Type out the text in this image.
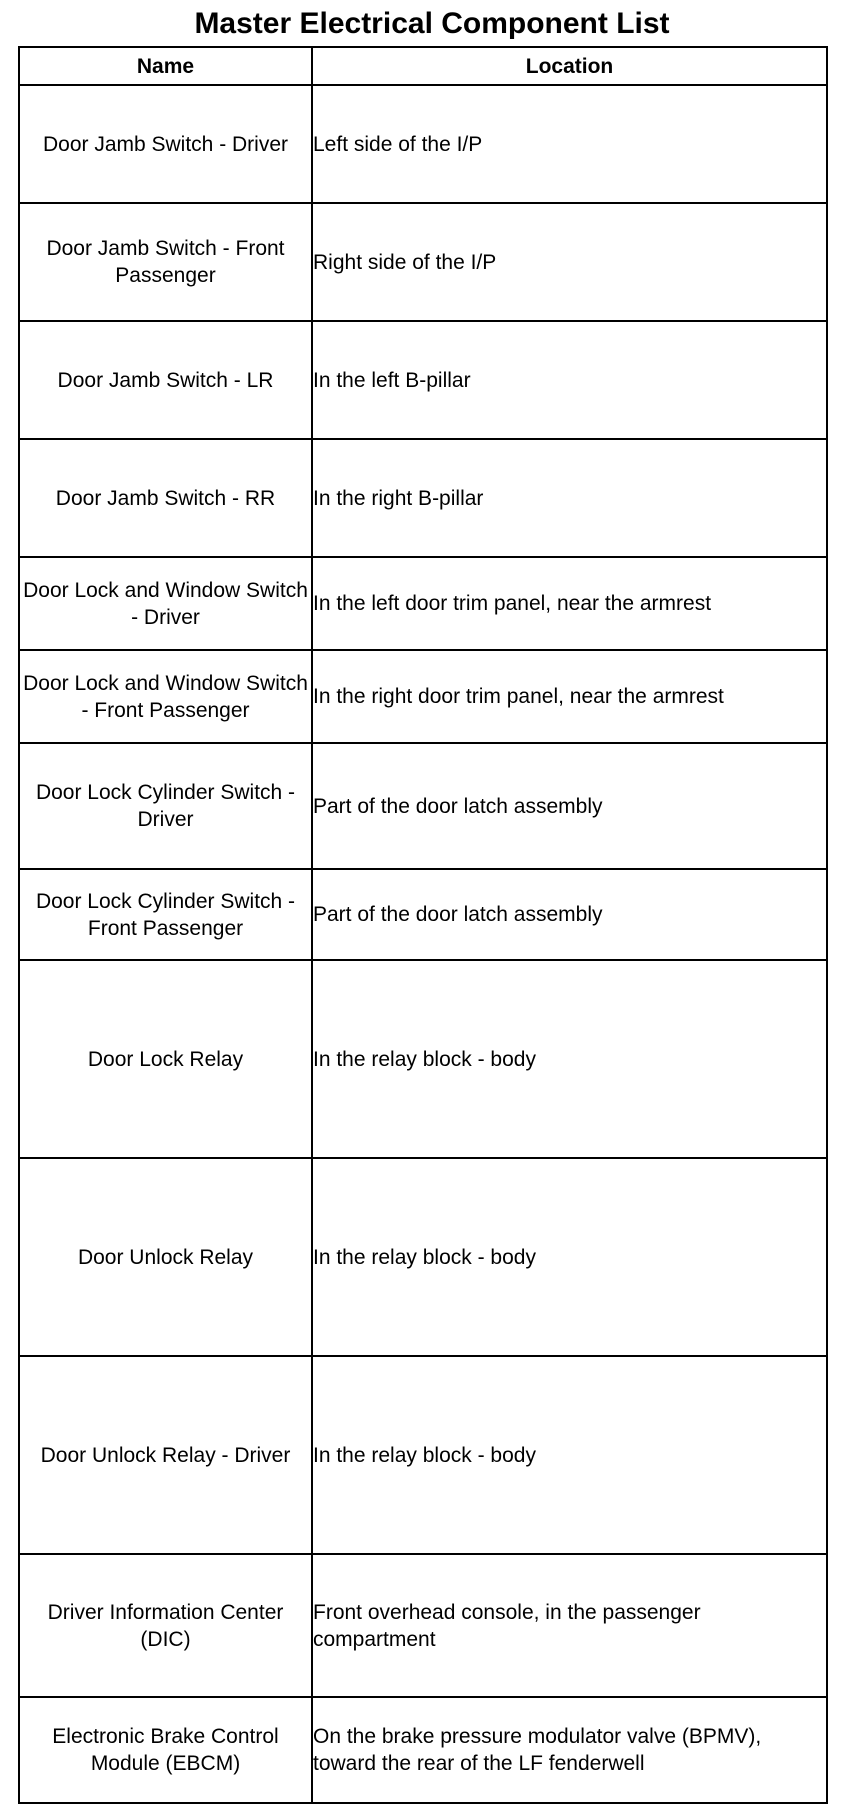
Master Electrical Component List
Name	Location
Door Jamb Switch - Driver	Left side of the I/P
Door Jamb Switch - Front Passenger	Right side of the I/P
Door Jamb Switch - LR	In the left B-pillar
Door Jamb Switch - RR	In the right B-pillar
Door Lock and Window Switch - Driver	In the left door trim panel, near the armrest
Door Lock and Window Switch - Front Passenger	In the right door trim panel, near the armrest
Door Lock Cylinder Switch - Driver	Part of the door latch assembly
Door Lock Cylinder Switch - Front Passenger	Part of the door latch assembly
Door Lock Relay	In the relay block - body
Door Unlock Relay	In the relay block - body
Door Unlock Relay - Driver	In the relay block - body
Driver Information Center (DIC)	Front overhead console, in the passenger compartment
Electronic Brake Control Module (EBCM)	On the brake pressure modulator valve (BPMV), toward the rear of the LF fenderwell
